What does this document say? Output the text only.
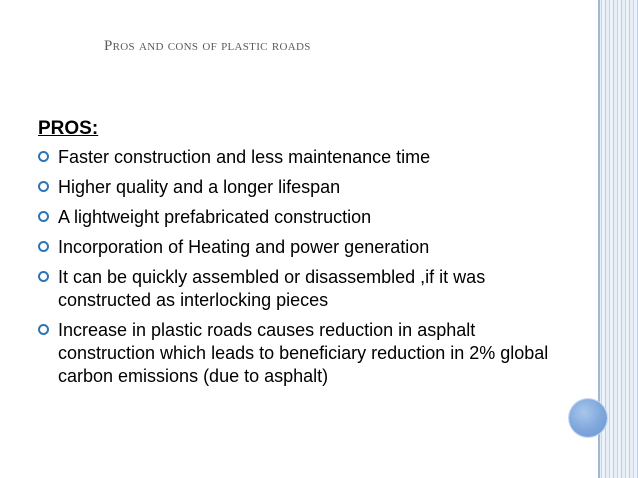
Pros and cons of plastic roads
PROS:
Faster construction and less maintenance time
Higher quality and a longer lifespan
A lightweight prefabricated construction
Incorporation of Heating and power generation
It can be quickly assembled or disassembled ,if it was constructed as interlocking pieces
Increase in plastic roads causes reduction in asphalt construction which leads to beneficiary reduction in 2% global carbon emissions (due to asphalt)
